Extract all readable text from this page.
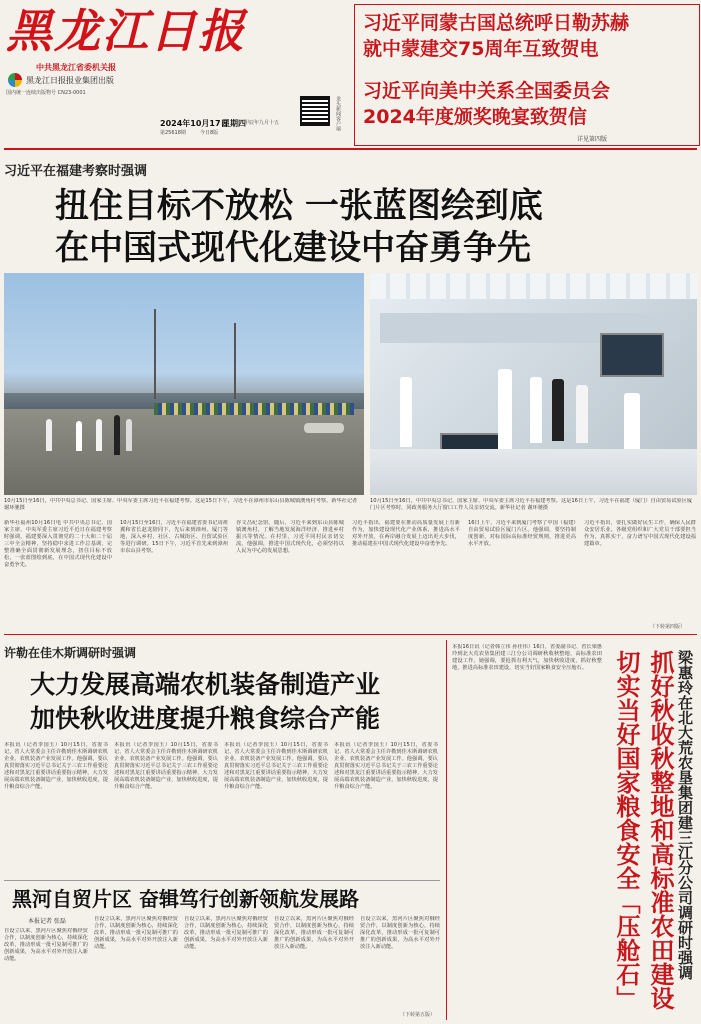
黑龙江日报
中共黑龙江省委机关报
黑龙江日报报业集团出版
国内统一连续出版物号 CN23-0001
2024年10月17日
星期四
甲辰年九月十五
第25618期	今日8版
龙头新闻客户端
习近平同蒙古国总统呼日勒苏赫
就中蒙建交75周年互致贺电
习近平向美中关系全国委员会
2024年度颁奖晚宴致贺信
详见第四版
习近平在福建考察时强调
扭住目标不放松 一张蓝图绘到底
在中国式现代化建设中奋勇争先
10月15日至16日，中共中央总书记、国家主席、中央军委主席习近平在福建考察。这是15日下午，习近平在漳州市东山县陈城镇澳角村考察。新华社记者 谢环驰摄
10月15日至16日，中共中央总书记、国家主席、中央军委主席习近平在福建考察。这是16日上午，习近平在福建（厦门）自由贸易试验区厦门片区考察时，同政务服务大厅窗口工作人员亲切交流。新华社记者 谢环驰摄
新华社福州10月16日电 中共中央总书记、国家主席、中央军委主席习近平近日在福建考察时强调，福建要深入贯彻党的二十大和二十届三中全会精神，坚持稳中求进工作总基调，完整准确全面贯彻新发展理念，扭住目标不放松，一张蓝图绘到底，在中国式现代化建设中奋勇争先。
10月15日至16日，习近平在福建省委书记周祖翼和省长赵龙陪同下，先后来到漳州、厦门等地，深入乡村、社区、古城街区、自贸试验区等进行调研。15日下午，习近平首先来到漳州市东山县考察。
谷文昌纪念馆。随后，习近平来到东山县陈城镇澳角村，了解当地发展海洋经济、推进乡村振兴等情况。在村里，习近平同村民亲切交流。他强调，推进中国式现代化，必须坚持以人民为中心的发展思想。
习近平指出，福建要在推动高质量发展上有新作为，加快建设现代化产业体系，推进高水平对外开放，在两岸融合发展上迈出更大步伐，推动福建在中国式现代化建设中奋勇争先。
16日上午，习近平来到厦门考察了中国（福建）自由贸易试验区厦门片区。他强调，要坚持制度创新，对标国际高标准经贸规则，推进更高水平开放。
习近平指出，要扎实做好民生工作，确保人民群众安居乐业。各级党组织和广大党员干部要担当作为，真抓实干，奋力谱写中国式现代化建设福建篇章。
（下转第四版）
许勒在佳木斯调研时强调
大力发展高端农机装备制造产业
加快秋收进度提升粮食综合产能
本报讯（记者李国玉）10月15日，省委书记、省人大常委会主任许勒到佳木斯调研农机企业、农机装备产业发展工作。他强调，要认真贯彻落实习近平总书记关于三农工作重要论述和对黑龙江重要讲话重要指示精神，大力发展高端农机装备制造产业，加快秋收进度，提升粮食综合产能。
本报讯（记者李国玉）10月15日，省委书记、省人大常委会主任许勒到佳木斯调研农机企业、农机装备产业发展工作。他强调，要认真贯彻落实习近平总书记关于三农工作重要论述和对黑龙江重要讲话重要指示精神，大力发展高端农机装备制造产业，加快秋收进度，提升粮食综合产能。
本报讯（记者李国玉）10月15日，省委书记、省人大常委会主任许勒到佳木斯调研农机企业、农机装备产业发展工作。他强调，要认真贯彻落实习近平总书记关于三农工作重要论述和对黑龙江重要讲话重要指示精神，大力发展高端农机装备制造产业，加快秋收进度，提升粮食综合产能。
本报讯（记者李国玉）10月15日，省委书记、省人大常委会主任许勒到佳木斯调研农机企业、农机装备产业发展工作。他强调，要认真贯彻落实习近平总书记关于三农工作重要论述和对黑龙江重要讲话重要指示精神，大力发展高端农机装备制造产业，加快秋收进度，提升粮食综合产能。
黑河自贸片区 奋辑笃行创新领航发展路
本报记者 张磊
自设立以来，黑河片区聚焦对俄经贸合作，以制度创新为核心，持续深化改革，推动形成一批可复制可推广的创新成果，为高水平对外开放注入新动能。
自设立以来，黑河片区聚焦对俄经贸合作，以制度创新为核心，持续深化改革，推动形成一批可复制可推广的创新成果，为高水平对外开放注入新动能。
自设立以来，黑河片区聚焦对俄经贸合作，以制度创新为核心，持续深化改革，推动形成一批可复制可推广的创新成果，为高水平对外开放注入新动能。
自设立以来，黑河片区聚焦对俄经贸合作，以制度创新为核心，持续深化改革，推动形成一批可复制可推广的创新成果，为高水平对外开放注入新动能。
自设立以来，黑河片区聚焦对俄经贸合作，以制度创新为核心，持续深化改革，推动形成一批可复制可推广的创新成果，为高水平对外开放注入新动能。
（下转第五版）
本报16日讯（记者韩立伟 孙佳伟）16日，省委副书记、省长梁惠玲到北大荒农垦集团建三江分公司调研秋收秋整地、高标准农田建设工作。她强调，要抢抓有利天气，加快秋收进度，抓好秋整地，推进高标准农田建设，切实当好国家粮食安全压舱石。	梁惠玲在北大荒农垦集团建三江分公司调研时强调
抓好秋收秋整地和高标准农田建设
切实当好国家粮食安全「压舱石」
